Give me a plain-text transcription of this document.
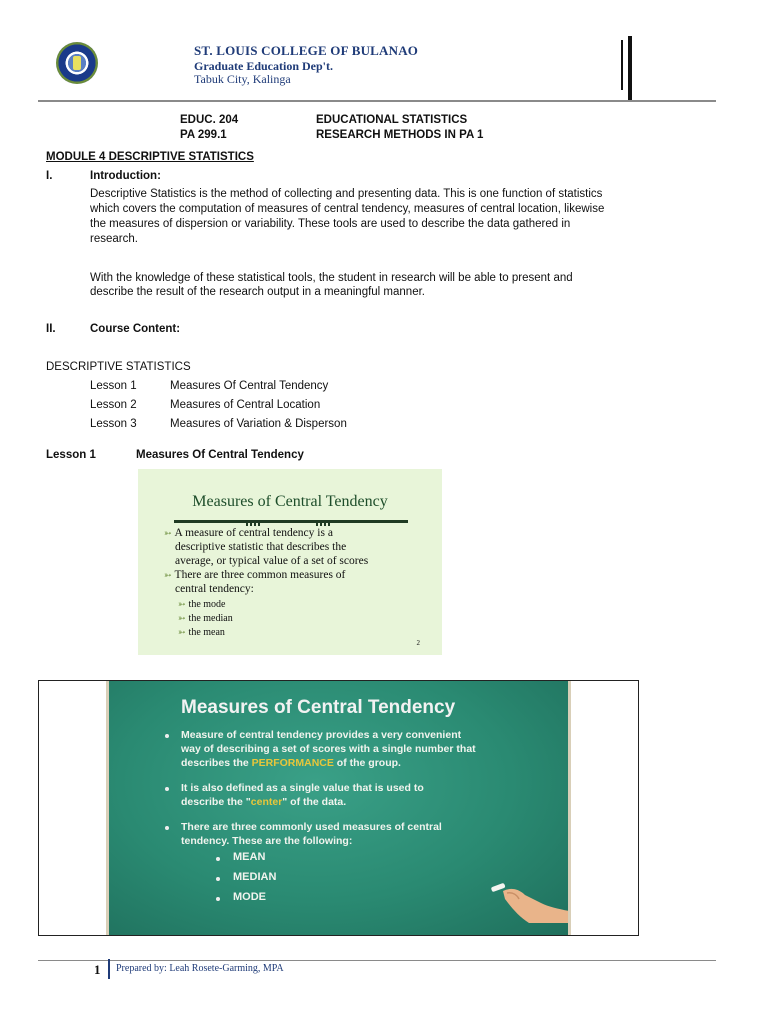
ST. LOUIS COLLEGE OF BULANAO
Graduate Education Dep't.
Tabuk City, Kalinga
EDUC. 204	EDUCATIONAL STATISTICS
PA 299.1	RESEARCH METHODS IN PA 1
MODULE 4 DESCRIPTIVE STATISTICS
I.	Introduction:
Descriptive Statistics is the method of collecting and presenting data. This is one function of statistics
which covers the computation of measures of central tendency, measures of central location, likewise
the measures of dispersion or variability. These tools are used to describe the data gathered in
research.
With the knowledge of these statistical tools, the student in research will be able to present and
describe the result of the research output in a meaningful manner.
II.	Course Content:
DESCRIPTIVE STATISTICS
Lesson 1	Measures Of Central Tendency
Lesson 2	Measures of Central Location
Lesson 3	Measures of Variation & Disperson
Lesson 1	Measures Of Central Tendency
Measures of Central Tendency
➳ A measure of central tendency is a
descriptive statistic that describes the
average, or typical value of a set of scores
➳ There are three common measures of
central tendency:
➳ the mode
➳ the median
➳ the mean
2
Measures of Central Tendency
Measure of central tendency provides a very convenient
way of describing a set of scores with a single number that
describes the PERFORMANCE of the group.
It is also defined as a single value that is used to
describe the "center" of the data.
There are three commonly used measures of central
tendency. These are the following:
MEAN
MEDIAN
MODE
1 Prepared by: Leah Rosete-Garming, MPA
